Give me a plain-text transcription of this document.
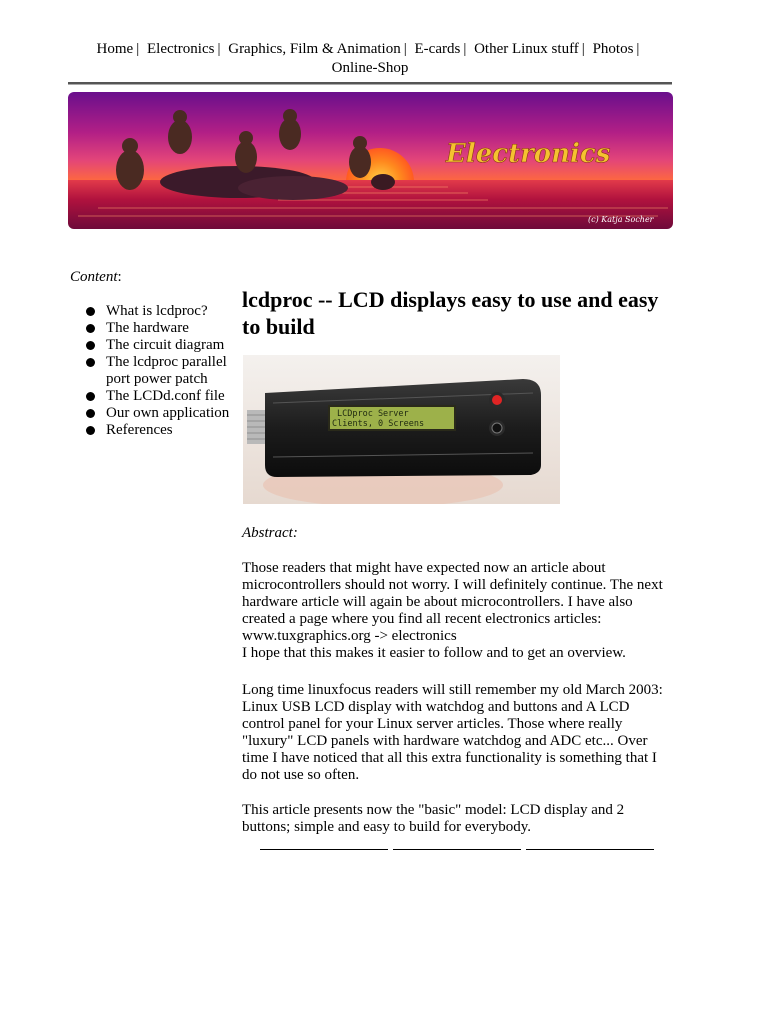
Home | Electronics | Graphics, Film & Animation | E-cards | Other Linux stuff | Photos |
Online-Shop
Electronics
(c) Katja Socher
Content:
What is lcdproc?
The hardware
The circuit diagram
The lcdproc parallel port power patch
The LCDd.conf file
Our own application
References
lcdproc -- LCD displays easy to use and easy to build
LCDproc Server
Clients, 0 Screens
Abstract:

Those readers that might have expected now an article about microcontrollers should not worry. I will definitely continue. The next hardware article will again be about microcontrollers. I have also created a page where you find all recent electronics articles: www.tuxgraphics.org -> electronics
I hope that this makes it easier to follow and to get an overview.

Long time linuxfocus readers will still remember my old March 2003: Linux USB LCD display with watchdog and buttons and A LCD control panel for your Linux server articles. Those where really "luxury" LCD panels with hardware watchdog and ADC etc... Over time I have noticed that all this extra functionality is something that I do not use so often.

This article presents now the "basic" model: LCD display and 2 buttons; simple and easy to build for everybody.
